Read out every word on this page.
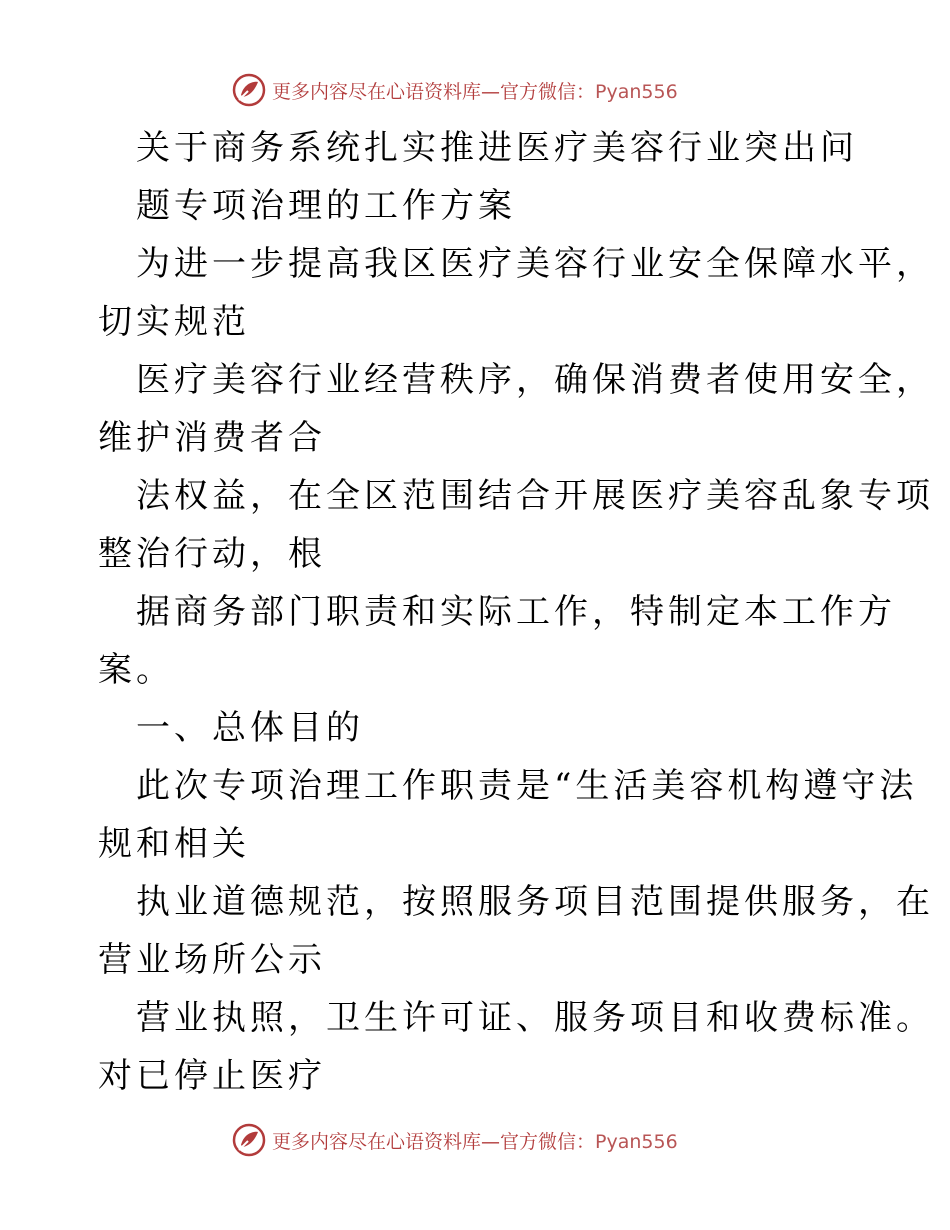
更多内容尽在心语资料库—官方微信：Pyan556
关于商务系统扎实推进医疗美容行业突出问
题专项治理的工作方案
为进一步提高我区医疗美容行业安全保障水平，
切实规范
医疗美容行业经营秩序，确保消费者使用安全，
维护消费者合
法权益，在全区范围结合开展医疗美容乱象专项
整治行动，根
据商务部门职责和实际工作，特制定本工作方
案。
一、总体目的
此次专项治理工作职责是“生活美容机构遵守法
规和相关
执业道德规范，按照服务项目范围提供服务，在
营业场所公示
营业执照，卫生许可证、服务项目和收费标准。
对已停止医疗
更多内容尽在心语资料库—官方微信：Pyan556
